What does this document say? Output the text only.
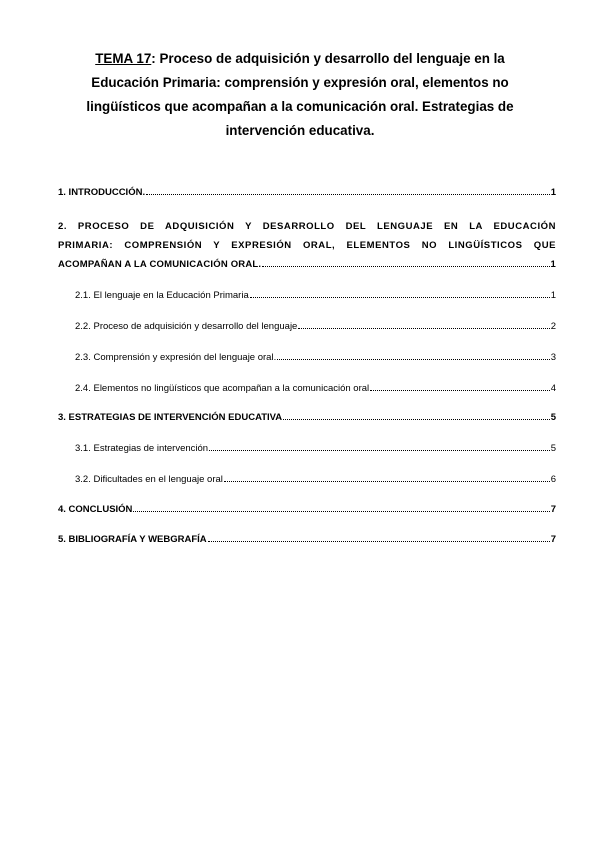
TEMA 17: Proceso de adquisición y desarrollo del lenguaje en la Educación Primaria: comprensión y expresión oral, elementos no lingüísticos que acompañan a la comunicación oral. Estrategias de intervención educativa.
1. INTRODUCCIÓN.	1
2. PROCESO DE ADQUISICIÓN Y DESARROLLO DEL LENGUAJE EN LA EDUCACIÓN
PRIMARIA: COMPRENSIÓN Y EXPRESIÓN ORAL, ELEMENTOS NO LINGÜÍSTICOS QUE
ACOMPAÑAN A LA COMUNICACIÓN ORAL.	1
2.1. El lenguaje en la Educación Primaria	1
2.2. Proceso de adquisición y desarrollo del lenguaje	2
2.3. Comprensión y expresión del lenguaje oral.	3
2.4. Elementos no lingüísticos que acompañan a la comunicación oral	4
3. ESTRATEGIAS DE INTERVENCIÓN EDUCATIVA	5
3.1. Estrategias de intervención	5
3.2. Dificultades en el lenguaje oral	6
4. CONCLUSIÓN	7
5. BIBLIOGRAFÍA Y WEBGRAFÍA	7
